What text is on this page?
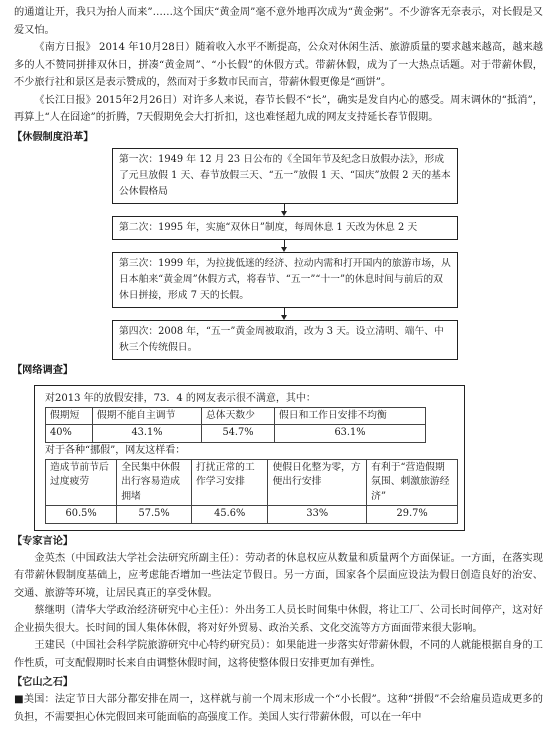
的通道让开，我只为抬人而来”……这个国庆“黄金周”毫不意外地再次成为“黄金粥”。不少游客无奈表示，对长假是又爱又怕。

《南方日报》 2014 年10月28日）随着收入水平不断提高，公众对休闲生活、旅游质量的要求越来越高，越来越多的人不赞同拼排双休日，拼凑“黄金周”、“小长假”的休假方式。带薪休假，成为了一大热点话题。对于带薪休假，不少旅行社和景区是表示赞成的，然而对于多数市民而言，带薪休假更像是“画饼”。

《长江日报》2015年2月26日）对许多人来说，春节长假不“长”，确实是发自内心的感受。周末调休的“抵消”，再算上“人在囧途”的折腾，7天假期免会大打折扣，这也难怪超九成的网友支持延长春节假期。

【休假制度沿革】
第一次：1949 年 12 月 23 日公布的《全国年节及纪念日放假办法》，形成了元旦放假 1 天、春节放假三天、“五一”放假 1 天、“国庆”放假 2 天的基本公休假格局
第二次：1995 年，实施“双休日”制度，每周休息 1 天改为休息 2 天
第三次：1999 年，为拉拢低迷的经济、拉动内需和打开国内的旅游市场，从日本舶来“黄金周”休假方式，将春节、“五一”“十一”的休息时间与前后的双休日拼接，形成 7 天的长假。
第四次：2008 年，“五一”黄金周被取消，改为 3 天。设立清明、端午、中秋三个传统假日。
【网络调查】
对2013 年的放假安排，73．4 的网友表示很不满意，其中：
假期短	假期不能自主调节	总体天数少	假日和工作日安排不均衡
40%	43.1%	54.7%	63.1%
对于各种“挪假”，网友这样看：
造成节前节后过度疲劳	全民集中休假出行容易造成拥堵	打扰正常的工作学习安排	使假日化整为零，方便出行安排	有利于“营造假期氛围、刺激旅游经济”
60.5%	57.5%	45.6%	33%	29.7%
【专家言论】

金英杰（中国政法大学社会法研究所副主任）：劳动者的休息权应从数量和质量两个方面保证。一方面，在落实现有带薪休假制度基础上，应考虑能否增加一些法定节假日。另一方面，国家各个层面应设法为假日创造良好的治安、交通、旅游等环境，让居民真正的享受休假。

蔡继明（清华大学政治经济研究中心主任）：外出务工人员长时间集中休假，将让工厂、公司长时间停产，这对好企业损失很大。长时间的国人集体休假，将对好外贸易、政治关系、文化交流等方方面面带来很大影响。

王建民（中国社会科学院旅游研究中心特约研究员）：如果能进一步落实好带薪休假，不同的人就能根据自身的工作性质，可支配假期时长来自由调整休假时间，这将使整体假日安排更加有弹性。

【它山之石】

■美国：法定节日大部分都安排在周一，这样就与前一个周末形成一个“小长假”。这种“拼假”不会给雇员造成更多的负担，不需要担心休完假回来可能面临的高强度工作。美国人实行带薪休假，可以在一年中
